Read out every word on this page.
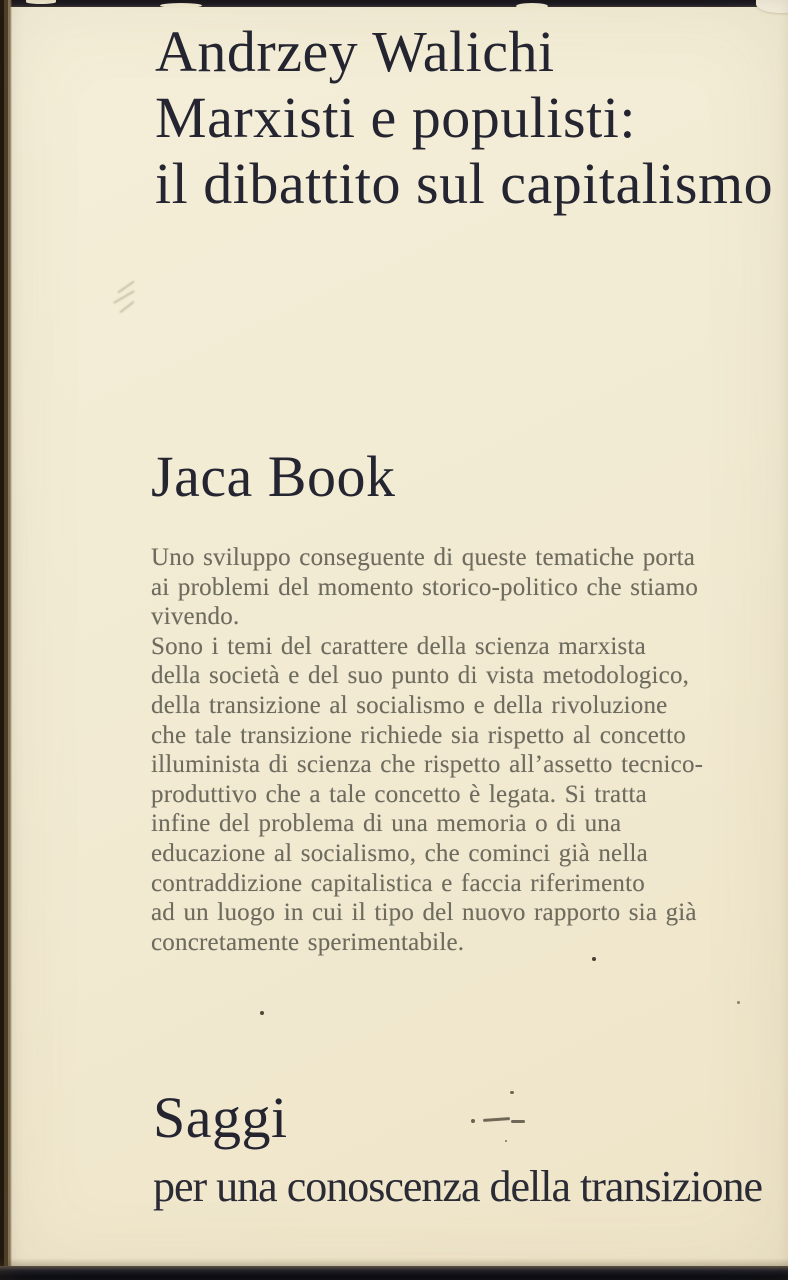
Andrzey Walichi
Marxisti e populisti:
il dibattito sul capitalismo
Jaca Book
Uno sviluppo conseguente di queste tematiche porta
ai problemi del momento storico-politico che stiamo
vivendo.
Sono i temi del carattere della scienza marxista
della società e del suo punto di vista metodologico,
della transizione al socialismo e della rivoluzione
che tale transizione richiede sia rispetto al concetto
illuminista di scienza che rispetto all’assetto tecnico-
produttivo che a tale concetto è legata. Si tratta
infine del problema di una memoria o di una
educazione al socialismo, che cominci già nella
contraddizione capitalistica e faccia riferimento
ad un luogo in cui il tipo del nuovo rapporto sia già
concretamente sperimentabile.
Saggi
per una conoscenza della transizione
